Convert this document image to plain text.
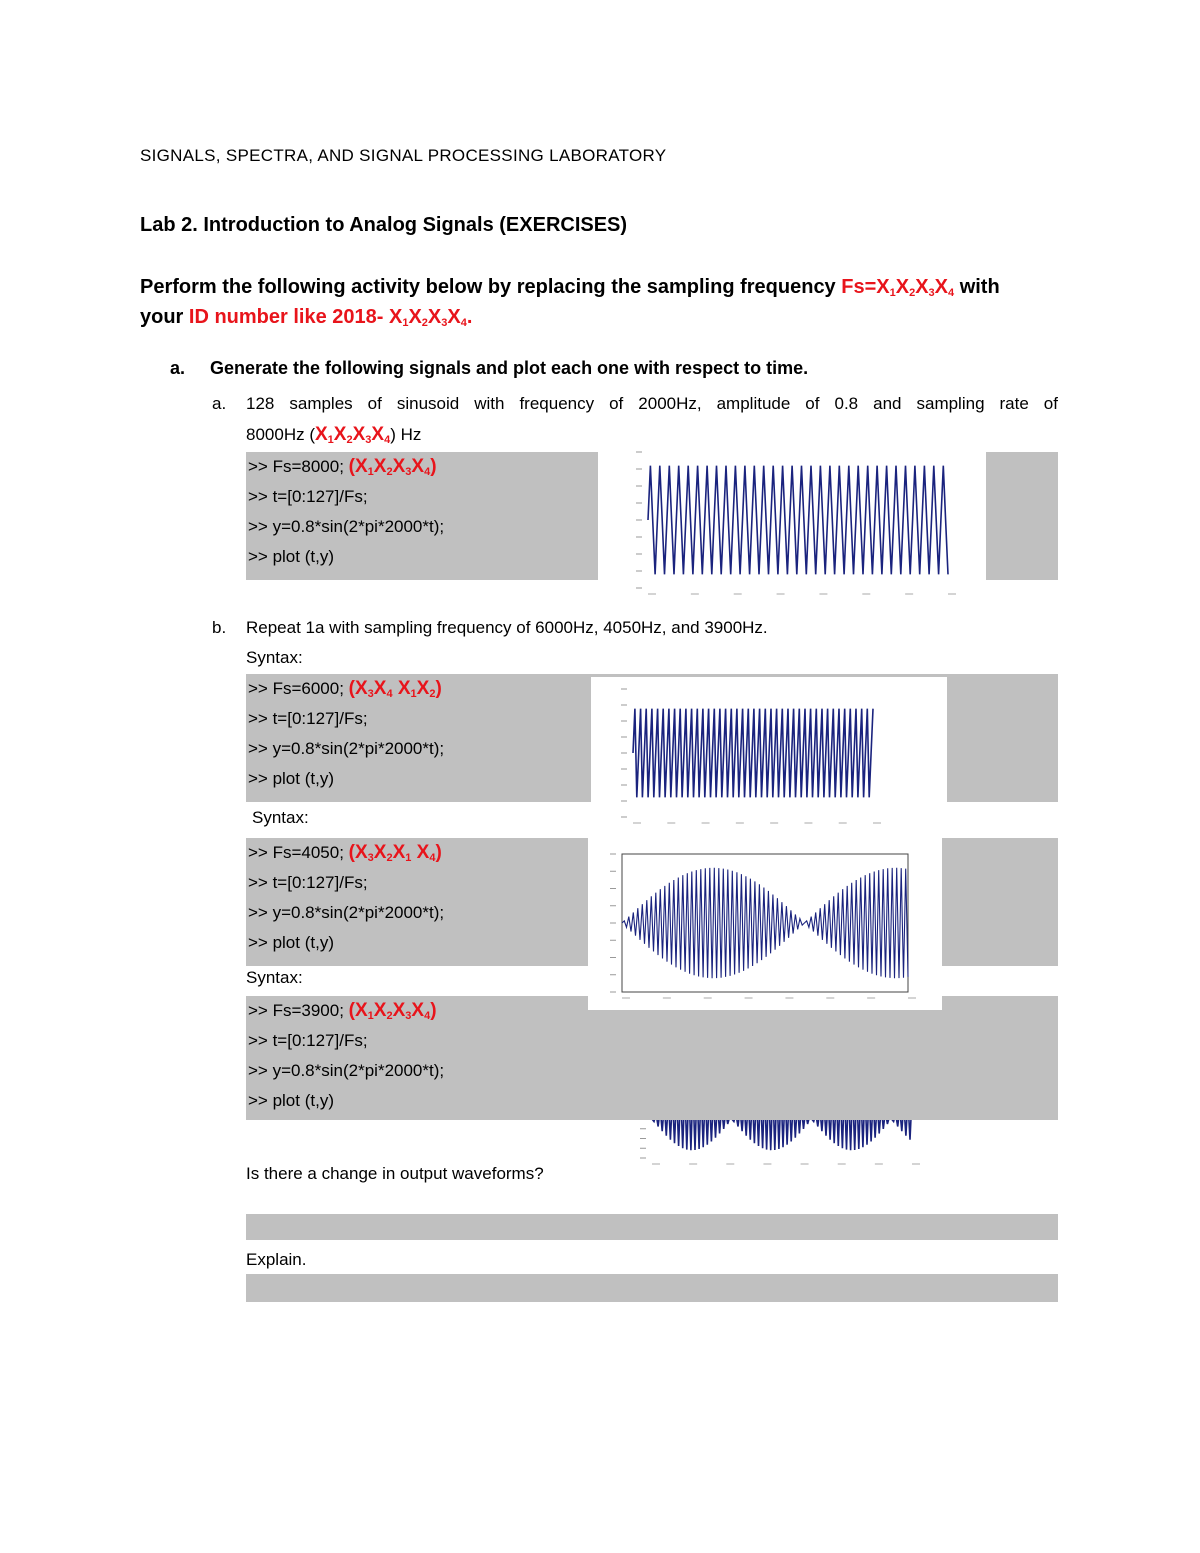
SIGNALS, SPECTRA, AND SIGNAL PROCESSING LABORATORY
Lab 2. Introduction to Analog Signals (EXERCISES)
Perform the following activity below by replacing the sampling frequency $Fs=X_1X_2X_3X_4$ with
your ID number like 2018- $X_1X_2X_3X_4$.
a. Generate the following signals and plot each one with respect to time.
a.	128 samples of sinusoid with frequency of 2000Hz, amplitude of 0.8 and sampling rate of
8000Hz $(X_1X_2X_3X_4)$ Hz
>> Fs=8000; $(X_1X_2X_3X_4)$
>> t=[0:127]/Fs;
>> y=0.8*sin(2*pi*2000*t);
>> plot (t,y)
b. Repeat 1a with sampling frequency of 6000Hz, 4050Hz, and 3900Hz.
Syntax:
>> Fs=6000; ($X_3X_4$ $X_1X_2$)
>> t=[0:127]/Fs;
>> y=0.8*sin(2*pi*2000*t);
>> plot (t,y)
Syntax:
>> Fs=4050; ($X_3X_2X_1$ $X_4$)
>> t=[0:127]/Fs;
>> y=0.8*sin(2*pi*2000*t);
>> plot (t,y)
Syntax:
>> Fs=3900; $(X_1X_2X_3X_4)$
>> t=[0:127]/Fs;
>> y=0.8*sin(2*pi*2000*t);
>> plot (t,y)
Is there a change in output waveforms?
Explain.
